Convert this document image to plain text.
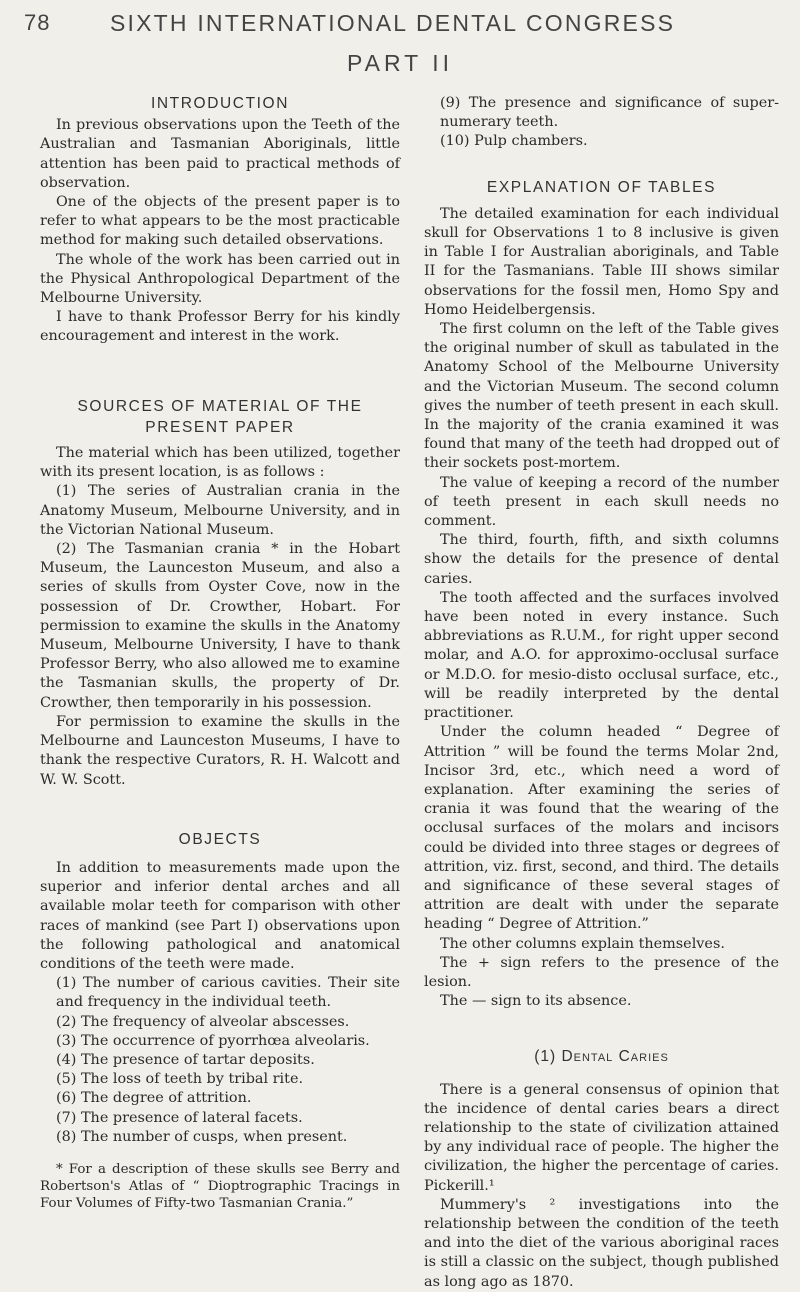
78	SIXTH INTERNATIONAL DENTAL CONGRESS
PART II
INTRODUCTION

In previous observations upon the Teeth of the Australian and Tasmanian Aboriginals, little attention has been paid to practical methods of observation.

One of the objects of the present paper is to refer to what appears to be the most practicable method for making such detailed observations.

The whole of the work has been carried out in the Physical Anthropological Department of the Melbourne University.

I have to thank Professor Berry for his kindly encouragement and interest in the work.

SOURCES OF MATERIAL OF THE
PRESENT PAPER

The material which has been utilized, together with its present location, is as follows :

(1) The series of Australian crania in the Anatomy Museum, Melbourne University, and in the Victorian National Museum.

(2) The Tasmanian crania * in the Hobart Museum, the Launceston Museum, and also a series of skulls from Oyster Cove, now in the possession of Dr. Crowther, Hobart. For permission to examine the skulls in the Anatomy Museum, Melbourne University, I have to thank Professor Berry, who also allowed me to examine the Tasmanian skulls, the property of Dr. Crowther, then temporarily in his possession.

For permission to examine the skulls in the Melbourne and Launceston Museums, I have to thank the respective Curators, R. H. Walcott and W. W. Scott.

OBJECTS

In addition to measurements made upon the superior and inferior dental arches and all available molar teeth for comparison with other races of mankind (see Part I) observations upon the following pathological and anatomical conditions of the teeth were made.

(1) The number of carious cavities. Their site and frequency in the individual teeth.

(2) The frequency of alveolar abscesses.

(3) The occurrence of pyorrhœa alveolaris.

(4) The presence of tartar deposits.

(5) The loss of teeth by tribal rite.

(6) The degree of attrition.

(7) The presence of lateral facets.

(8) The number of cusps, when present.

* For a description of these skulls see Berry and Robertson's Atlas of “ Dioptrographic Tracings in Four Volumes of Fifty-two Tasmanian Crania.”

(9) The presence and significance of super-numerary teeth.

(10) Pulp chambers.

EXPLANATION OF TABLES

The detailed examination for each individual skull for Observations 1 to 8 inclusive is given in Table I for Australian aboriginals, and Table II for the Tasmanians. Table III shows similar observations for the fossil men, Homo Spy and Homo Heidelbergensis.

The first column on the left of the Table gives the original number of skull as tabulated in the Anatomy School of the Melbourne University and the Victorian Museum. The second column gives the number of teeth present in each skull. In the majority of the crania examined it was found that many of the teeth had dropped out of their sockets post-mortem.

The value of keeping a record of the number of teeth present in each skull needs no comment.

The third, fourth, fifth, and sixth columns show the details for the presence of dental caries.

The tooth affected and the surfaces involved have been noted in every instance. Such abbreviations as R.U.M., for right upper second molar, and A.O. for approximo-occlusal surface or M.D.O. for mesio-disto occlusal surface, etc., will be readily interpreted by the dental practitioner.

Under the column headed “ Degree of Attrition ” will be found the terms Molar 2nd, Incisor 3rd, etc., which need a word of explanation. After examining the series of crania it was found that the wearing of the occlusal surfaces of the molars and incisors could be divided into three stages or degrees of attrition, viz. first, second, and third. The details and significance of these several stages of attrition are dealt with under the separate heading “ Degree of Attrition.”

The other columns explain themselves.

The + sign refers to the presence of the lesion.

The — sign to its absence.

(1) Dental Caries

There is a general consensus of opinion that the incidence of dental caries bears a direct relationship to the state of civilization attained by any individual race of people. The higher the civilization, the higher the percentage of caries. Pickerill.¹

Mummery's ² investigations into the relationship between the condition of the teeth and into the diet of the various aboriginal races is still a classic on the subject, though published as long ago as 1870.
